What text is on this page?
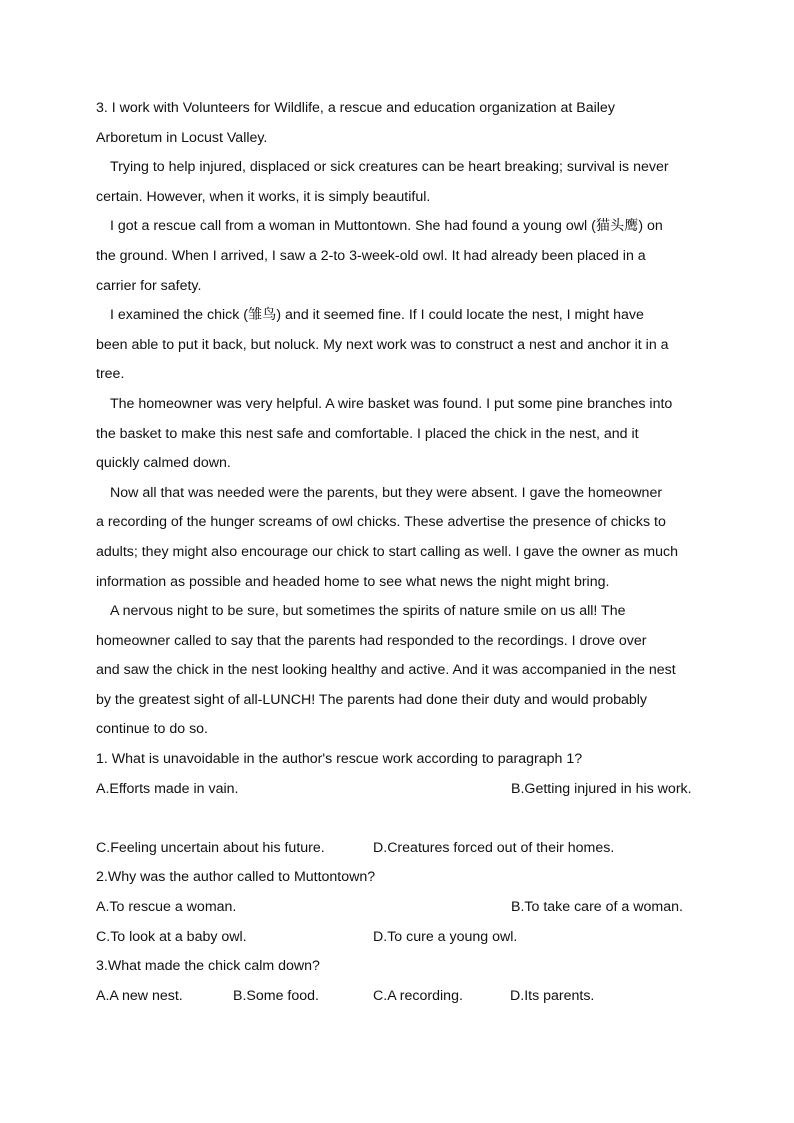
3. I work with Volunteers for Wildlife, a rescue and education organization at Bailey
Arboretum in Locust Valley.
Trying to help injured, displaced or sick creatures can be heart breaking; survival is never
certain. However, when it works, it is simply beautiful.
I got a rescue call from a woman in Muttontown. She had found a young owl (猫头鹰) on
the ground. When I arrived, I saw a 2-to 3-week-old owl. It had already been placed in a
carrier for safety.
I examined the chick (雏鸟) and it seemed fine. If I could locate the nest, I might have
been able to put it back, but noluck. My next work was to construct a nest and anchor it in a
tree.
The homeowner was very helpful. A wire basket was found. I put some pine branches into
the basket to make this nest safe and comfortable. I placed the chick in the nest, and it
quickly calmed down.
Now all that was needed were the parents, but they were absent. I gave the homeowner
a recording of the hunger screams of owl chicks. These advertise the presence of chicks to
adults; they might also encourage our chick to start calling as well. I gave the owner as much
information as possible and headed home to see what news the night might bring.
A nervous night to be sure, but sometimes the spirits of nature smile on us all! The
homeowner called to say that the parents had responded to the recordings. I drove over
and saw the chick in the nest looking healthy and active. And it was accompanied in the nest
by the greatest sight of all-LUNCH! The parents had done their duty and would probably
continue to do so.
1. What is unavoidable in the author's rescue work according to paragraph 1?
A.Efforts made in vain.	B.Getting injured in his work.
C.Feeling uncertain about his future.	D.Creatures forced out of their homes.
2.Why was the author called to Muttontown?
A.To rescue a woman.	B.To take care of a woman.
C.To look at a baby owl.	D.To cure a young owl.
3.What made the chick calm down?
A.A new nest.	B.Some food.	C.A recording.	D.Its parents.
